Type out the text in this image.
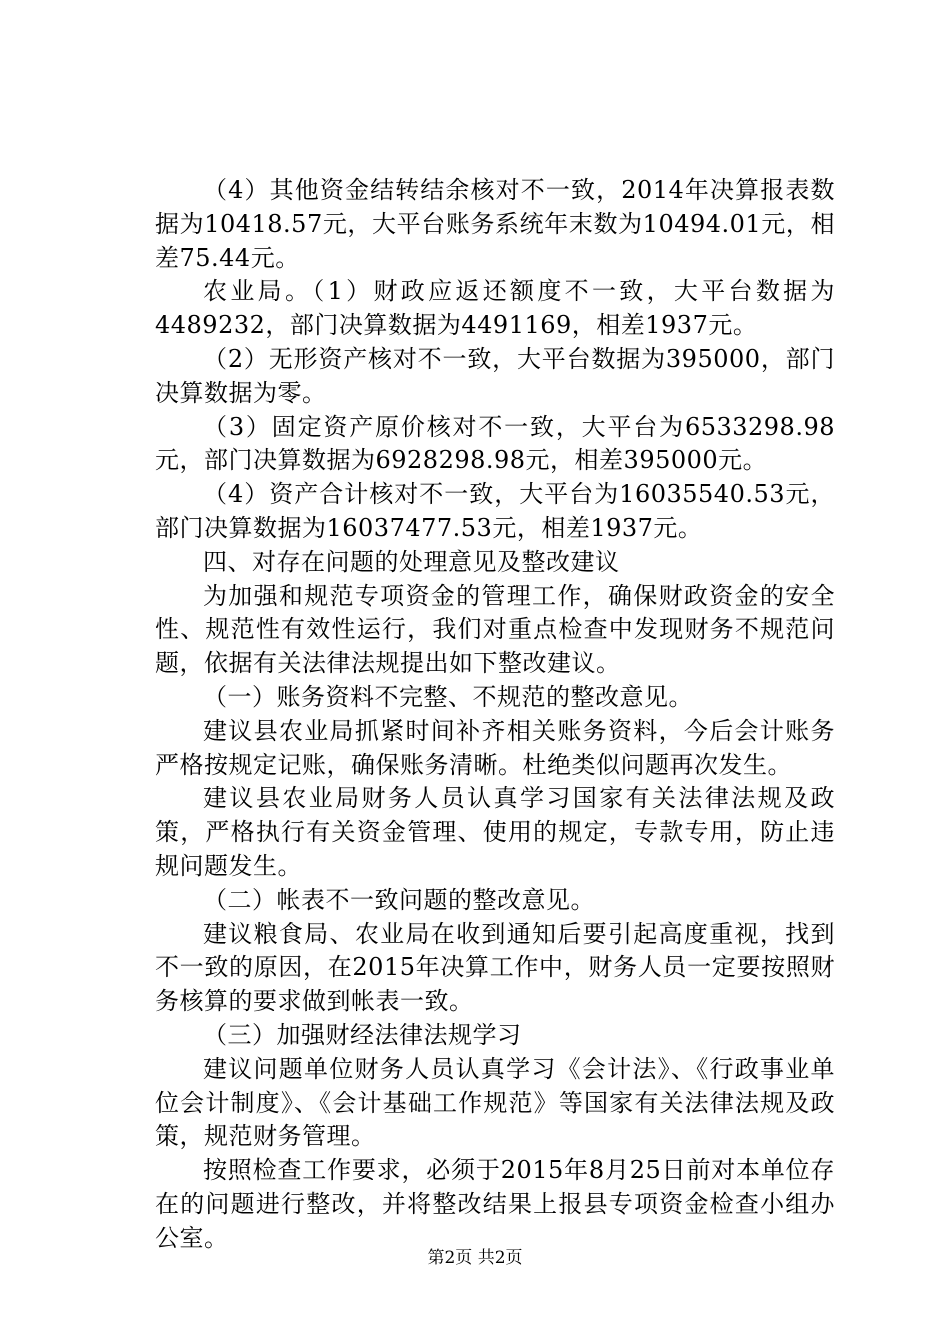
（4）其他资金结转结余核对不一致，2014年决算报表数据为10418.57元，大平台账务系统年末数为10494.01元，相差75.44元。

农业局。（1）财政应返还额度不一致，大平台数据为4489232，部门决算数据为4491169，相差1937元。

（2）无形资产核对不一致，大平台数据为395000，部门决算数据为零。

（3）固定资产原价核对不一致，大平台为6533298.98元，部门决算数据为6928298.98元，相差395000元。

（4）资产合计核对不一致，大平台为16035540.53元，部门决算数据为16037477.53元，相差1937元。

四、对存在问题的处理意见及整改建议

为加强和规范专项资金的管理工作，确保财政资金的安全性、规范性有效性运行，我们对重点检查中发现财务不规范问题，依据有关法律法规提出如下整改建议。

（一）账务资料不完整、不规范的整改意见。

建议县农业局抓紧时间补齐相关账务资料，今后会计账务严格按规定记账，确保账务清晰。杜绝类似问题再次发生。

建议县农业局财务人员认真学习国家有关法律法规及政策，严格执行有关资金管理、使用的规定，专款专用，防止违规问题发生。

（二）帐表不一致问题的整改意见。

建议粮食局、农业局在收到通知后要引起高度重视，找到不一致的原因，在2015年决算工作中，财务人员一定要按照财务核算的要求做到帐表一致。

（三）加强财经法律法规学习

建议问题单位财务人员认真学习《会计法》、《行政事业单位会计制度》、《会计基础工作规范》等国家有关法律法规及政策，规范财务管理。

按照检查工作要求，必须于2015年8月25日前对本单位存在的问题进行整改，并将整改结果上报县专项资金检查小组办公室。

第2页 共2页
